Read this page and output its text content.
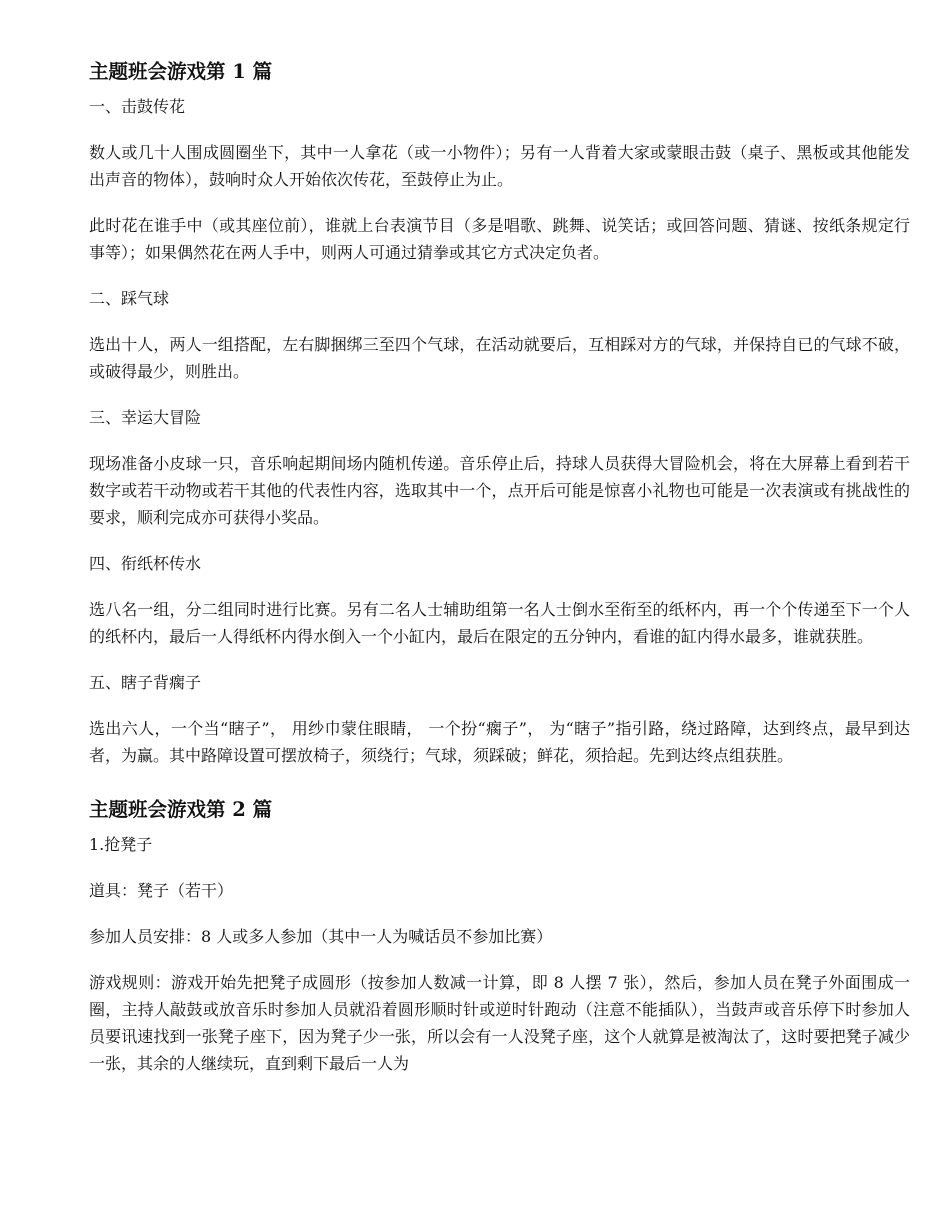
主题班会游戏第 1 篇

一、击鼓传花

数人或几十人围成圆圈坐下，其中一人拿花（或一小物件）；另有一人背着大家或蒙眼击鼓（桌子、黑板或其他能发出声音的物体），鼓响时众人开始依次传花，至鼓停止为止。

此时花在谁手中（或其座位前），谁就上台表演节目（多是唱歌、跳舞、说笑话；或回答问题、猜谜、按纸条规定行事等）；如果偶然花在两人手中，则两人可通过猜拳或其它方式决定负者。

二、踩气球

选出十人，两人一组搭配，左右脚捆绑三至四个气球，在活动就要后，互相踩对方的气球，并保持自已的气球不破，或破得最少，则胜出。

三、幸运大冒险

现场准备小皮球一只，音乐响起期间场内随机传递。音乐停止后，持球人员获得大冒险机会，将在大屏幕上看到若干数字或若干动物或若干其他的代表性内容，选取其中一个，点开后可能是惊喜小礼物也可能是一次表演或有挑战性的要求，顺利完成亦可获得小奖品。

四、衔纸杯传水

选八名一组，分二组同时进行比赛。另有二名人士辅助组第一名人士倒水至衔至的纸杯内，再一个个传递至下一个人的纸杯内，最后一人得纸杯内得水倒入一个小缸内，最后在限定的五分钟内，看谁的缸内得水最多，谁就获胜。

五、瞎子背瘸子

选出六人，一个当“瞎子”， 用纱巾蒙住眼睛， 一个扮“瘸子”， 为“瞎子”指引路，绕过路障，达到终点，最早到达者，为赢。其中路障设置可摆放椅子，须绕行；气球，须踩破；鲜花，须拾起。先到达终点组获胜。

主题班会游戏第 2 篇

1.抢凳子

道具：凳子（若干）

参加人员安排：8 人或多人参加（其中一人为喊话员不参加比赛）

游戏规则：游戏开始先把凳子成圆形（按参加人数减一计算，即 8 人摆 7 张），然后，参加人员在凳子外面围成一圈，主持人敲鼓或放音乐时参加人员就沿着圆形顺时针或逆时针跑动（注意不能插队），当鼓声或音乐停下时参加人员要讯速找到一张凳子座下，因为凳子少一张，所以会有一人没凳子座，这个人就算是被淘汰了，这时要把凳子减少一张，其余的人继续玩，直到剩下最后一人为
